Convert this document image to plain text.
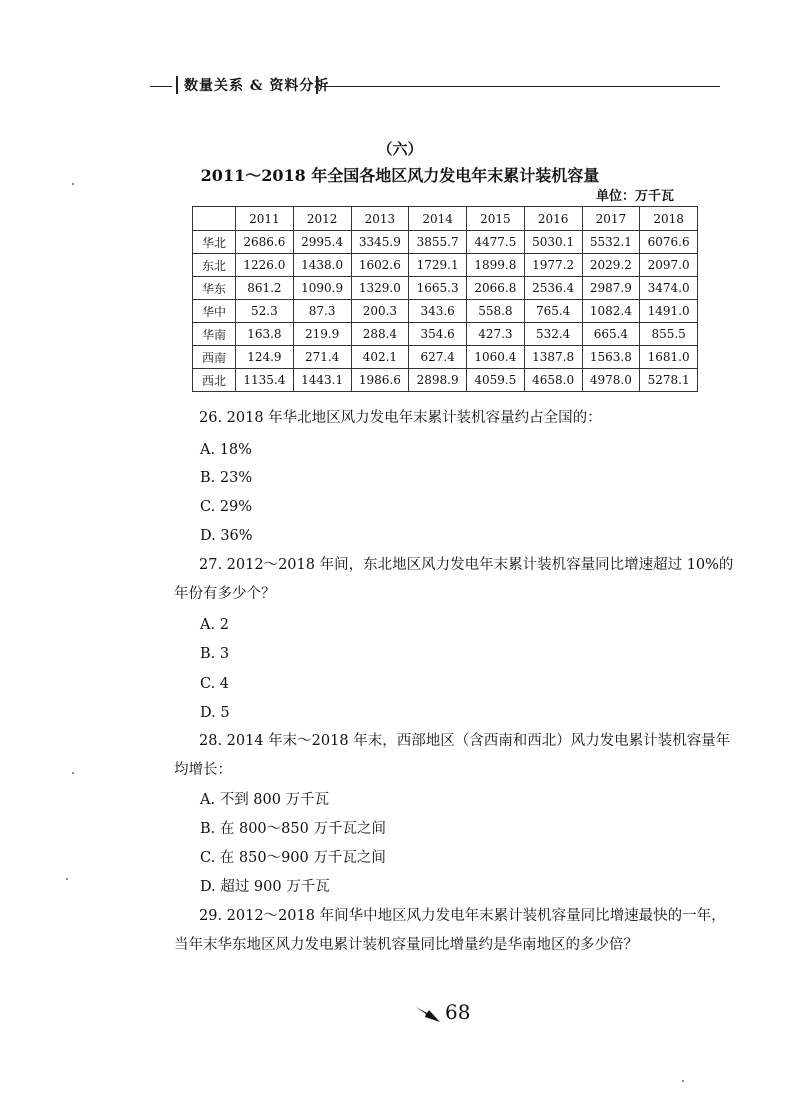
数量关系 & 资料分析
（六）
2011～2018 年全国各地区风力发电年末累计装机容量
单位：万千瓦
	2011	2012	2013	2014	2015	2016	2017	2018
华北	2686.6	2995.4	3345.9	3855.7	4477.5	5030.1	5532.1	6076.6
东北	1226.0	1438.0	1602.6	1729.1	1899.8	1977.2	2029.2	2097.0
华东	861.2	1090.9	1329.0	1665.3	2066.8	2536.4	2987.9	3474.0
华中	52.3	87.3	200.3	343.6	558.8	765.4	1082.4	1491.0
华南	163.8	219.9	288.4	354.6	427.3	532.4	665.4	855.5
西南	124.9	271.4	402.1	627.4	1060.4	1387.8	1563.8	1681.0
西北	1135.4	1443.1	1986.6	2898.9	4059.5	4658.0	4978.0	5278.1
26. 2018 年华北地区风力发电年末累计装机容量约占全国的：
A. 18%
B. 23%
C. 29%
D. 36%
27. 2012～2018 年间，东北地区风力发电年末累计装机容量同比增速超过 10%的
年份有多少个？
A. 2
B. 3
C. 4
D. 5
28. 2014 年末～2018 年末，西部地区（含西南和西北）风力发电累计装机容量年
均增长：
A. 不到 800 万千瓦
B. 在 800～850 万千瓦之间
C. 在 850～900 万千瓦之间
D. 超过 900 万千瓦
29. 2012～2018 年间华中地区风力发电年末累计装机容量同比增速最快的一年，
当年末华东地区风力发电累计装机容量同比增量约是华南地区的多少倍？
68
